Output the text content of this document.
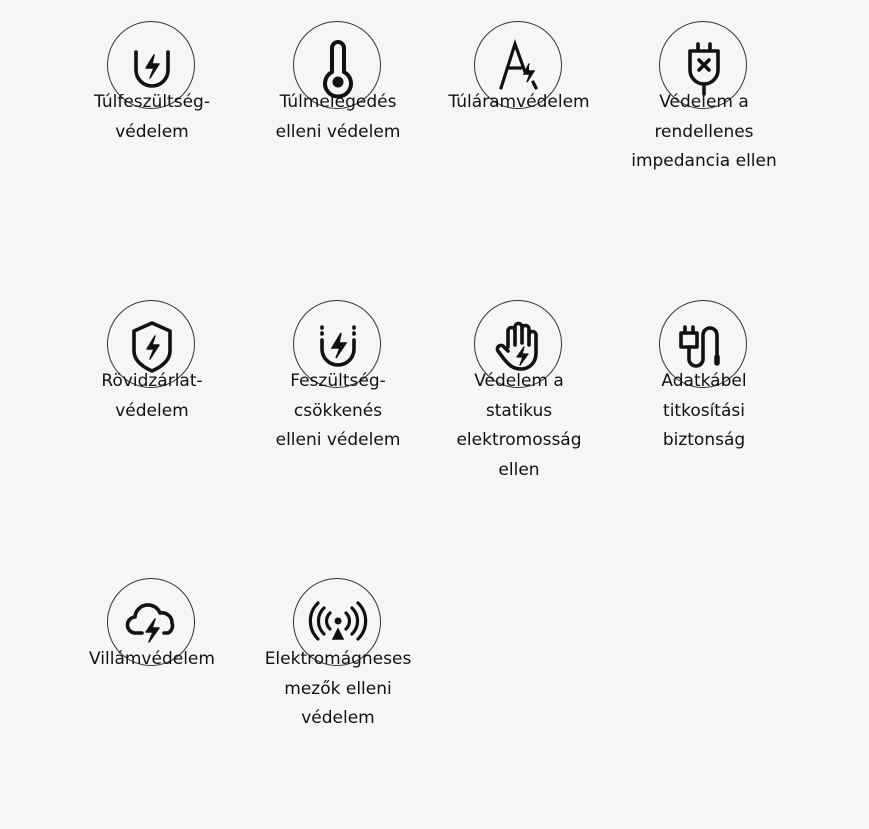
Túlfeszültség-
védelem
Túlmelegedés
elleni védelem
Túláramvédelem	Védelem a
rendellenes
impedancia ellen
Rövidzárlat-
védelem
Feszültség-
csökkenés
elleni védelem
Védelem a
statikus
elektromosság
ellen
Adatkábel
titkosítási
biztonság
Villámvédelem	Elektromágneses
mezők elleni
védelem
